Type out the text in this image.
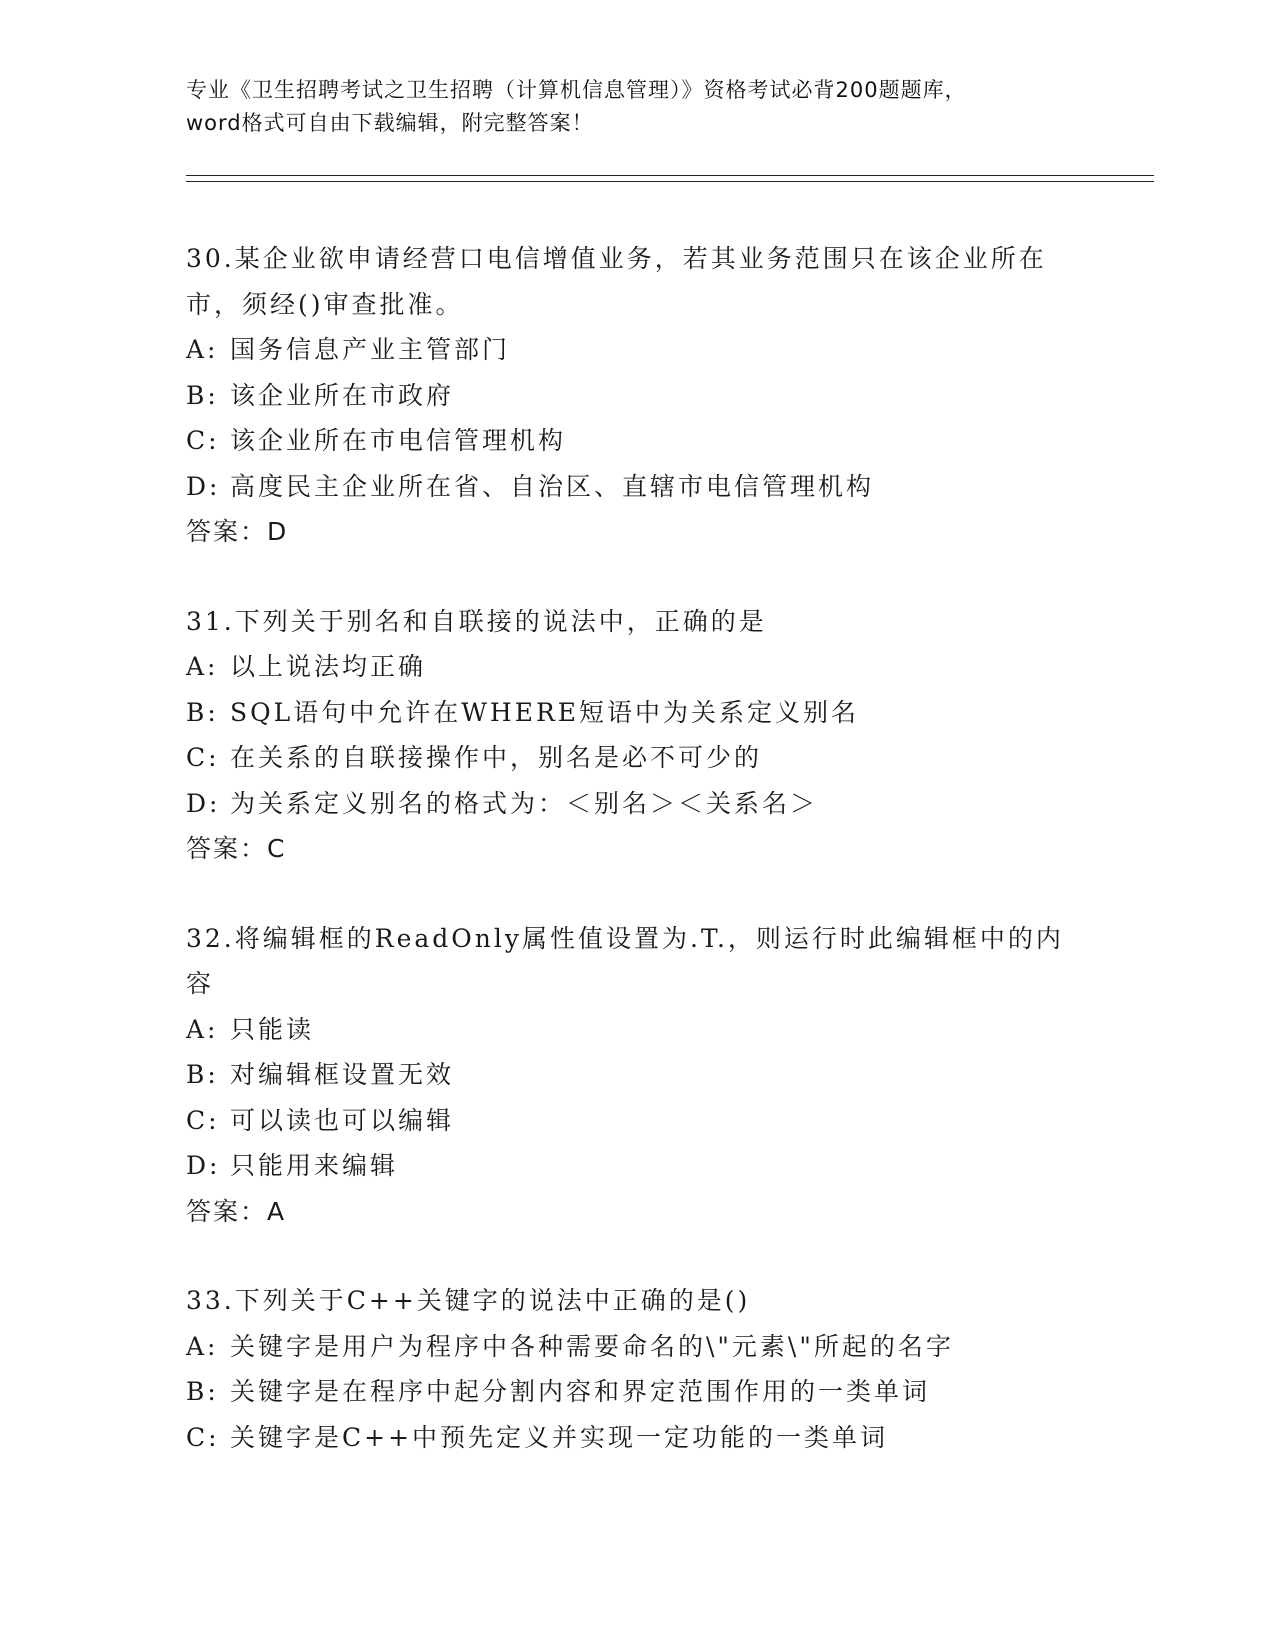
专业《卫生招聘考试之卫生招聘（计算机信息管理）》资格考试必背200题题库，
word格式可自由下载编辑，附完整答案！
30.某企业欲申请经营口电信增值业务，若其业务范围只在该企业所在
市，须经()审查批准。
A: 国务信息产业主管部门
B: 该企业所在市政府
C: 该企业所在市电信管理机构
D: 高度民主企业所在省、自治区、直辖市电信管理机构
答案：D
31.下列关于别名和自联接的说法中，正确的是
A: 以上说法均正确
B: SQL语句中允许在WHERE短语中为关系定义别名
C: 在关系的自联接操作中，别名是必不可少的
D: 为关系定义别名的格式为：＜别名＞＜关系名＞
答案：C
32.将编辑框的ReadOnly属性值设置为.T.，则运行时此编辑框中的内
容
A: 只能读
B: 对编辑框设置无效
C: 可以读也可以编辑
D: 只能用来编辑
答案：A
33.下列关于C++关键字的说法中正确的是()
A: 关键字是用户为程序中各种需要命名的\"元素\"所起的名字
B: 关键字是在程序中起分割内容和界定范围作用的一类单词
C: 关键字是C++中预先定义并实现一定功能的一类单词
